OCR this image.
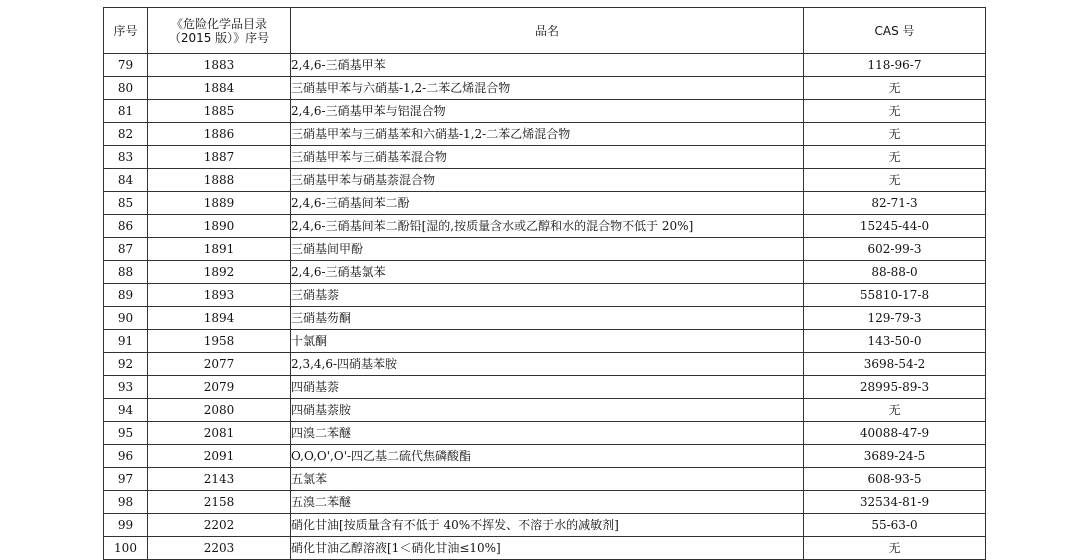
序号	《危险化学品目录
（2015 版）》序号	品名	CAS 号
79	1883	2,4,6-三硝基甲苯	118-96-7
80	1884	三硝基甲苯与六硝基-1,2-二苯乙烯混合物	无
81	1885	2,4,6-三硝基甲苯与铝混合物	无
82	1886	三硝基甲苯与三硝基苯和六硝基-1,2-二苯乙烯混合物	无
83	1887	三硝基甲苯与三硝基苯混合物	无
84	1888	三硝基甲苯与硝基萘混合物	无
85	1889	2,4,6-三硝基间苯二酚	82-71-3
86	1890	2,4,6-三硝基间苯二酚铅[湿的,按质量含水或乙醇和水的混合物不低于 20%]	15245-44-0
87	1891	三硝基间甲酚	602-99-3
88	1892	2,4,6-三硝基氯苯	88-88-0
89	1893	三硝基萘	55810-17-8
90	1894	三硝基芴酮	129-79-3
91	1958	十氯酮	143-50-0
92	2077	2,3,4,6-四硝基苯胺	3698-54-2
93	2079	四硝基萘	28995-89-3
94	2080	四硝基萘胺	无
95	2081	四溴二苯醚	40088-47-9
96	2091	O,O,O',O'-四乙基二硫代焦磷酸酯	3689-24-5
97	2143	五氯苯	608-93-5
98	2158	五溴二苯醚	32534-81-9
99	2202	硝化甘油[按质量含有不低于 40%不挥发、不溶于水的减敏剂]	55-63-0
100	2203	硝化甘油乙醇溶液[1＜硝化甘油≤10%]	无
